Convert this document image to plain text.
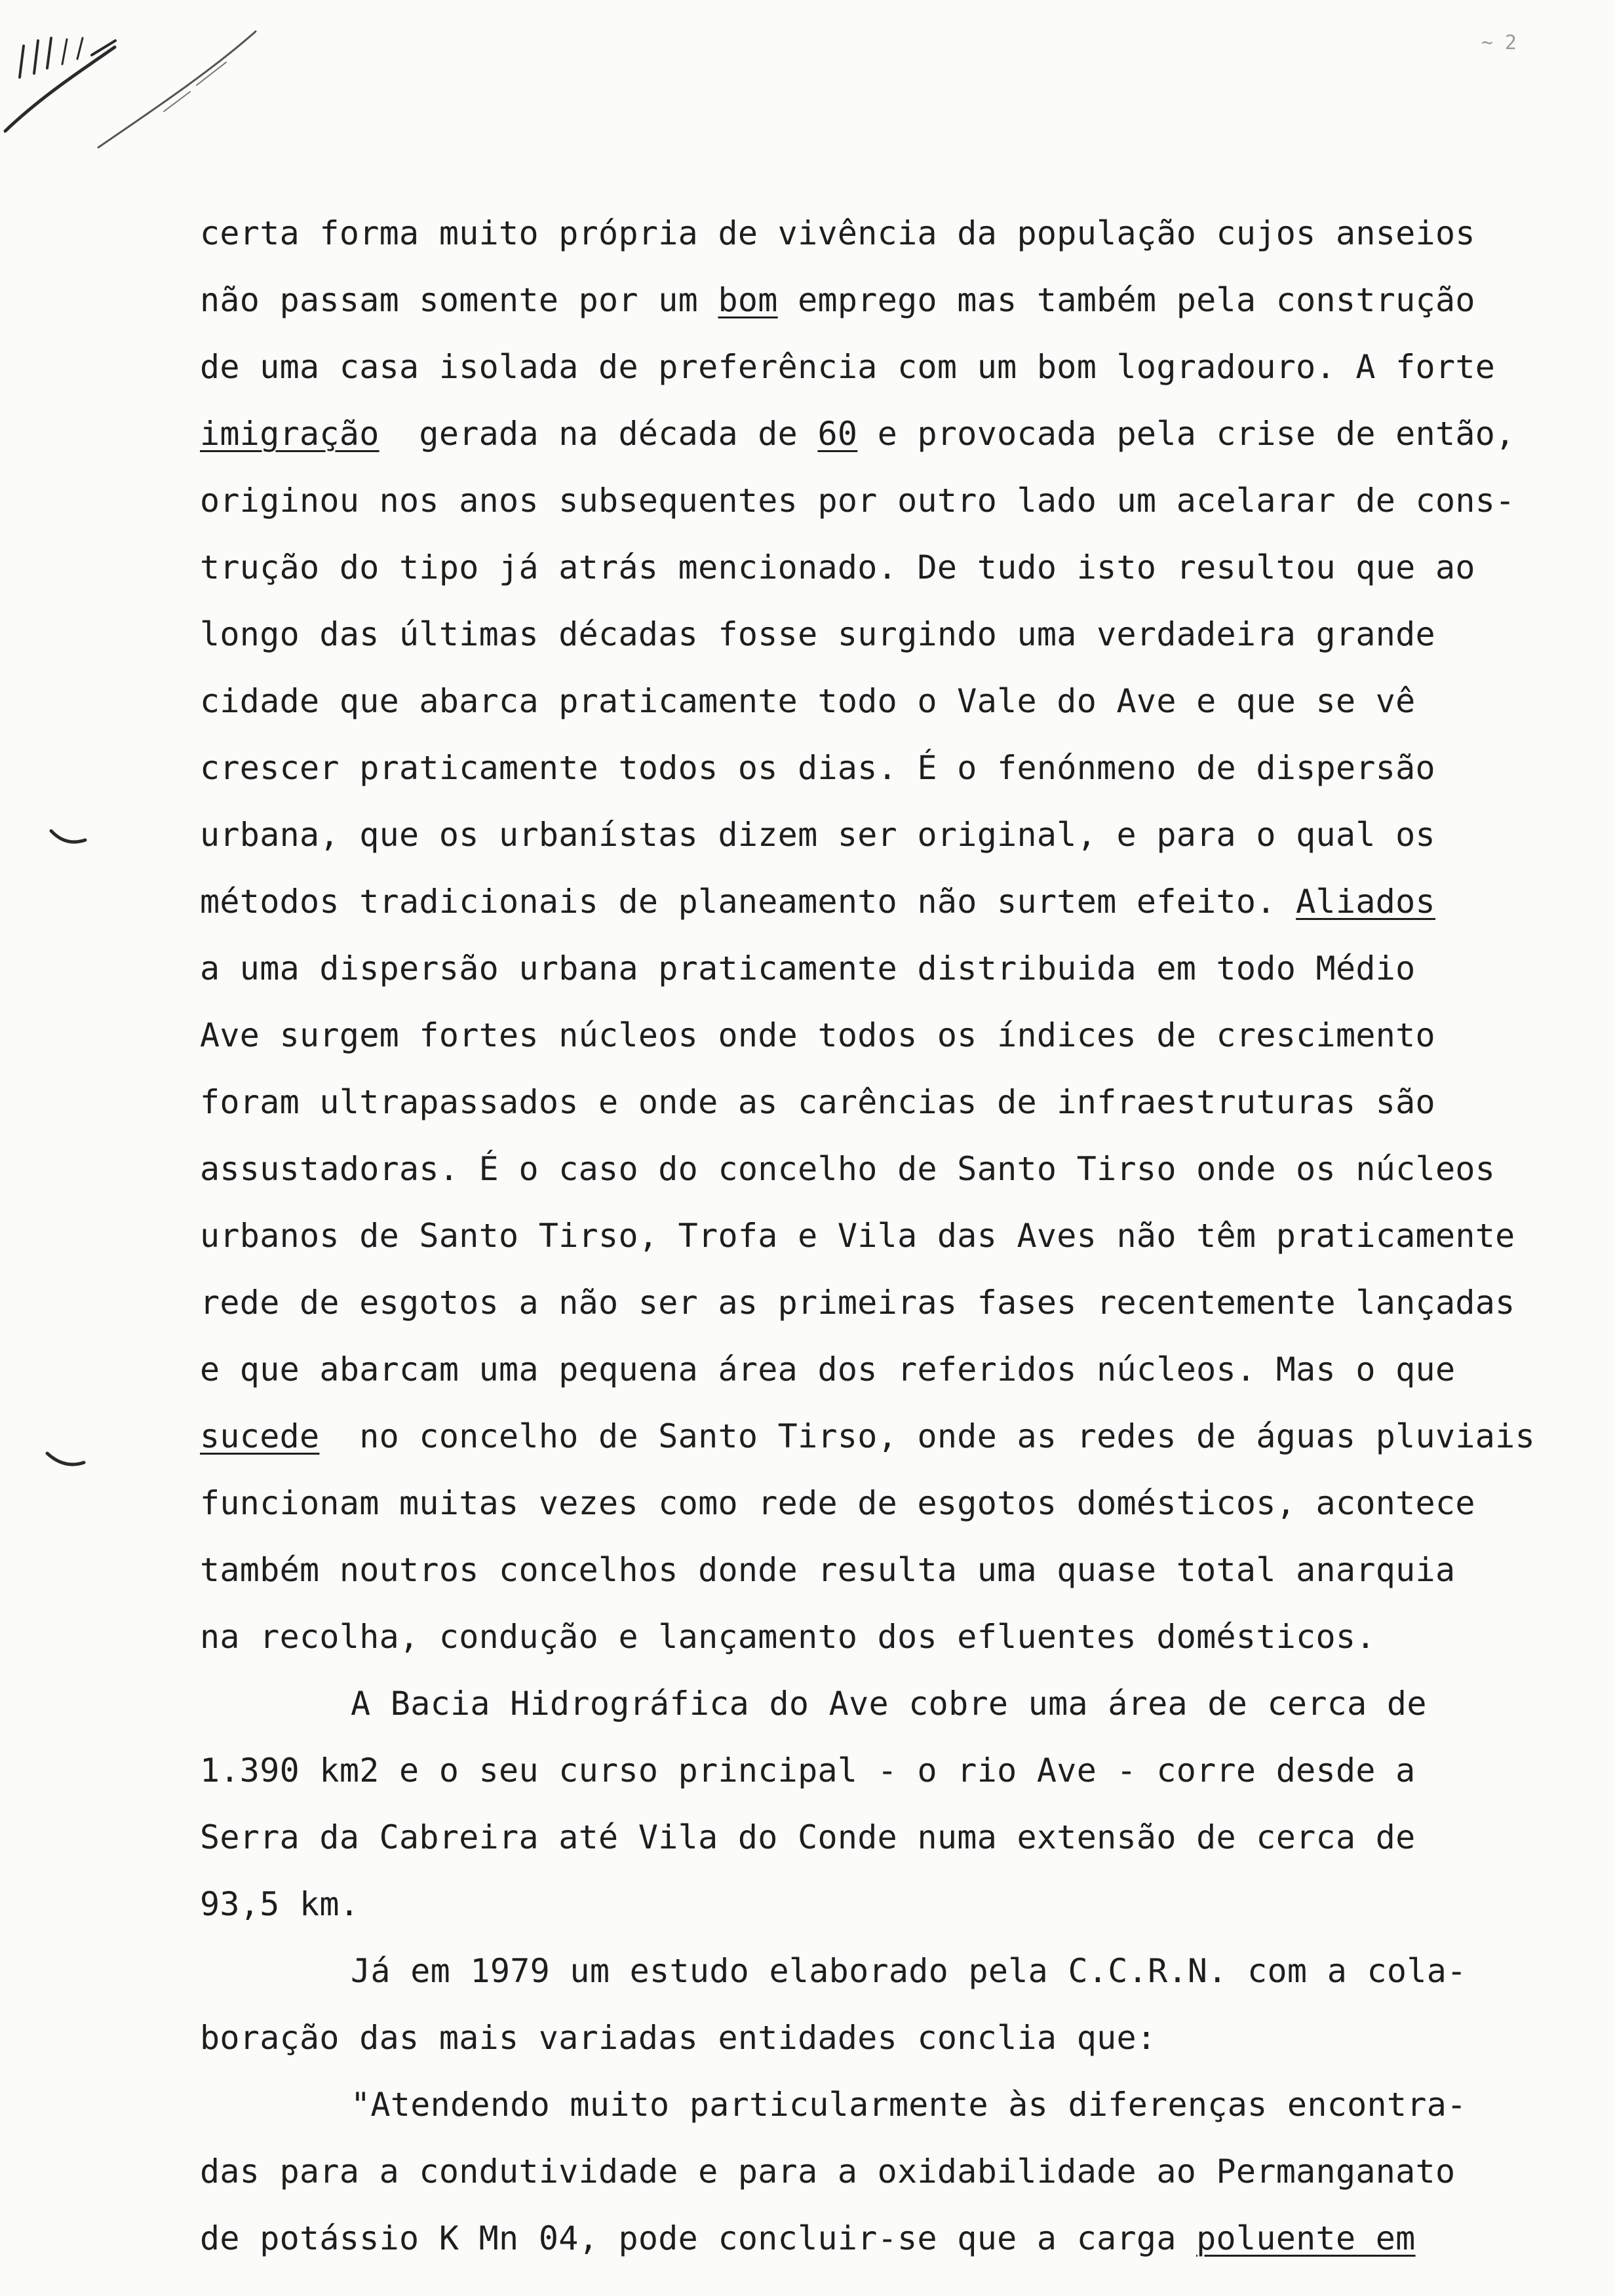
~ 2
certa forma muito própria de vivência da população cujos anseios
não passam somente por um bom emprego mas também pela construção
de uma casa isolada de preferência com um bom logradouro. A forte
imigração  gerada na década de 60 e provocada pela crise de então,
originou nos anos subsequentes por outro lado um acelarar de cons-
trução do tipo já atrás mencionado. De tudo isto resultou que ao
longo das últimas décadas fosse surgindo uma verdadeira grande
cidade que abarca praticamente todo o Vale do Ave e que se vê
crescer praticamente todos os dias. É o fenónmeno de dispersão
urbana, que os urbanístas dizem ser original, e para o qual os
métodos tradicionais de planeamento não surtem efeito. Aliados
a uma dispersão urbana praticamente distribuida em todo Médio
Ave surgem fortes núcleos onde todos os índices de crescimento
foram ultrapassados e onde as carências de infraestruturas são
assustadoras. É o caso do concelho de Santo Tirso onde os núcleos
urbanos de Santo Tirso, Trofa e Vila das Aves não têm praticamente
rede de esgotos a não ser as primeiras fases recentemente lançadas
e que abarcam uma pequena área dos referidos núcleos. Mas o que
sucede  no concelho de Santo Tirso, onde as redes de águas pluviais
funcionam muitas vezes como rede de esgotos domésticos, acontece
também noutros concelhos donde resulta uma quase total anarquia
na recolha, condução e lançamento dos efluentes domésticos.
A Bacia Hidrográfica do Ave cobre uma área de cerca de
1.390 km2 e o seu curso principal - o rio Ave - corre desde a
Serra da Cabreira até Vila do Conde numa extensão de cerca de
93,5 km.
Já em 1979 um estudo elaborado pela C.C.R.N. com a cola-
boração das mais variadas entidades conclia que:
"Atendendo muito particularmente às diferenças encontra-
das para a condutividade e para a oxidabilidade ao Permanganato
de potássio K Mn 04, pode concluir-se que a carga poluente em
